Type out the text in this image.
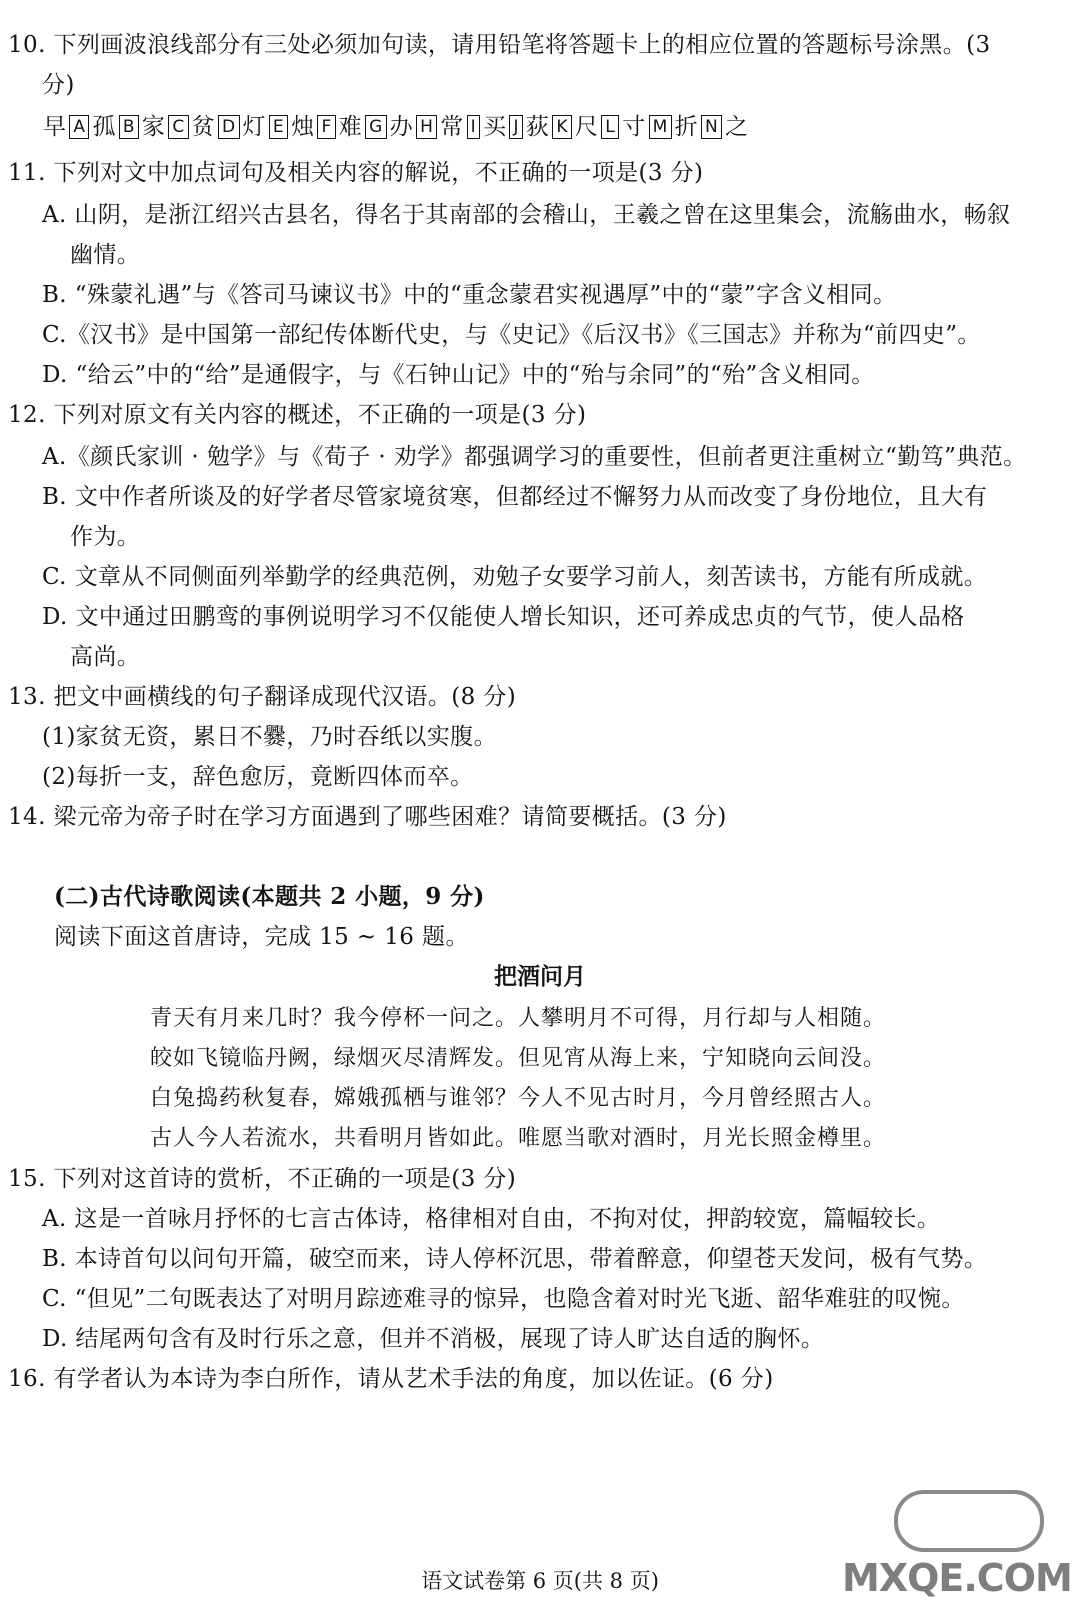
10. 下列画波浪线部分有三处必须加句读，请用铅笔将答题卡上的相应位置的答题标号涂黑。(3
分)
早 A 孤 B 家 C 贫 D 灯 E 烛 F 难 G 办 H 常 I 买 J 荻 K 尺 L 寸 M 折 N 之
11. 下列对文中加点词句及相关内容的解说，不正确的一项是(3 分)
A. 山阴，是浙江绍兴古县名，得名于其南部的会稽山，王羲之曾在这里集会，流觞曲水，畅叙
幽情。
B. “殊蒙礼遇”与《答司马谏议书》中的“重念蒙君实视遇厚”中的“蒙”字含义相同。
C.《汉书》是中国第一部纪传体断代史，与《史记》《后汉书》《三国志》并称为“前四史”。
D. “给云”中的“给”是通假字，与《石钟山记》中的“殆与余同”的“殆”含义相同。
12. 下列对原文有关内容的概述，不正确的一项是(3 分)
A.《颜氏家训 · 勉学》与《荀子 · 劝学》都强调学习的重要性，但前者更注重树立“勤笃”典范。
B. 文中作者所谈及的好学者尽管家境贫寒，但都经过不懈努力从而改变了身份地位，且大有
作为。
C. 文章从不同侧面列举勤学的经典范例，劝勉子女要学习前人，刻苦读书，方能有所成就。
D. 文中通过田鹏鸾的事例说明学习不仅能使人增长知识，还可养成忠贞的气节，使人品格
高尚。
13. 把文中画横线的句子翻译成现代汉语。(8 分)
(1)家贫无资，累日不爨，乃时吞纸以实腹。
(2)每折一支，辞色愈厉，竟断四体而卒。
14. 梁元帝为帝子时在学习方面遇到了哪些困难？请简要概括。(3 分)
(二)古代诗歌阅读(本题共 2 小题，9 分)
阅读下面这首唐诗，完成 15 ~ 16 题。
把酒问月
青天有月来几时？我今停杯一问之。人攀明月不可得，月行却与人相随。
皎如飞镜临丹阙，绿烟灭尽清辉发。但见宵从海上来，宁知晓向云间没。
白兔捣药秋复春，嫦娥孤栖与谁邻？今人不见古时月，今月曾经照古人。
古人今人若流水，共看明月皆如此。唯愿当歌对酒时，月光长照金樽里。
15. 下列对这首诗的赏析，不正确的一项是(3 分)
A. 这是一首咏月抒怀的七言古体诗，格律相对自由，不拘对仗，押韵较宽，篇幅较长。
B. 本诗首句以问句开篇，破空而来，诗人停杯沉思，带着醉意，仰望苍天发问，极有气势。
C. “但见”二句既表达了对明月踪迹难寻的惊异，也隐含着对时光飞逝、韶华难驻的叹惋。
D. 结尾两句含有及时行乐之意，但并不消极，展现了诗人旷达自适的胸怀。
16. 有学者认为本诗为李白所作，请从艺术手法的角度，加以佐证。(6 分)
语文试卷第 6 页(共 8 页)	MXQE.COM
